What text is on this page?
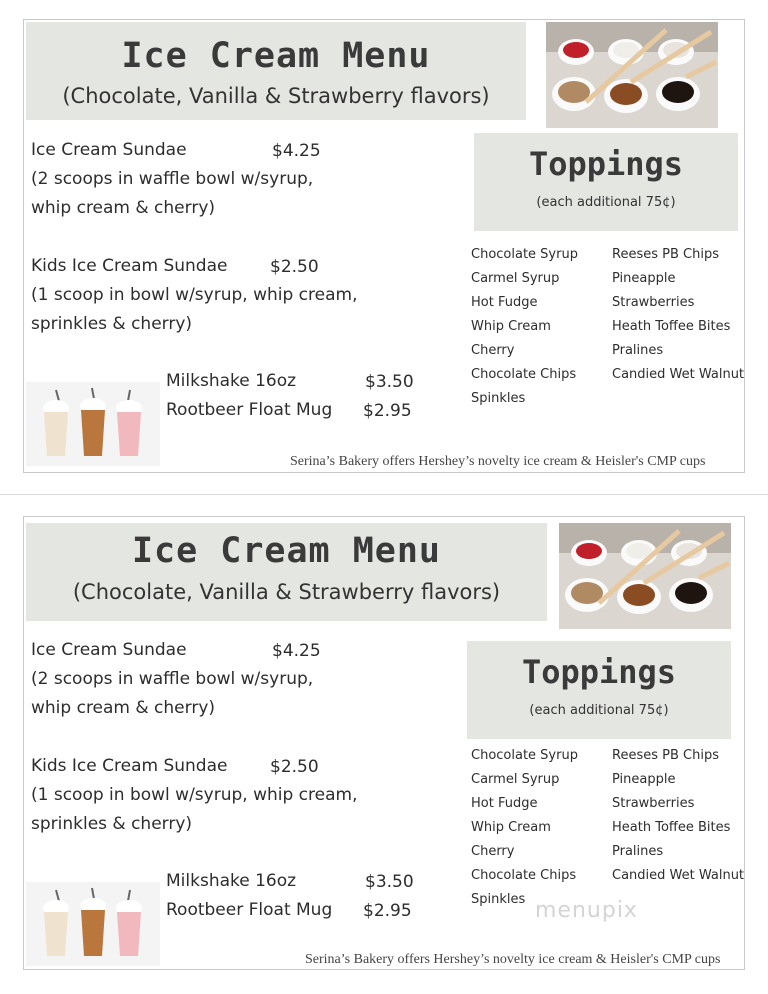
Ice Cream Menu
(Chocolate, Vanilla & Strawberry flavors)
Ice Cream Sundae	$4.25
(2 scoops in waffle bowl w/syrup,
whip cream & cherry)
Kids Ice Cream Sundae	$2.50
(1 scoop in bowl w/syrup, whip cream,
sprinkles & cherry)
Milkshake 16oz	$3.50
Rootbeer Float Mug $2.95
Toppings
(each additional 75¢)
Chocolate Syrup
Carmel Syrup
Hot Fudge
Whip Cream
Cherry
Chocolate Chips
Spinkles
Reeses PB Chips
Pineapple
Strawberries
Heath Toffee Bites
Pralines
Candied Wet Walnut
Serina’s Bakery offers Hershey’s novelty ice cream & Heisler's CMP cups
Ice Cream Menu
(Chocolate, Vanilla & Strawberry flavors)
Ice Cream Sundae	$4.25
(2 scoops in waffle bowl w/syrup,
whip cream & cherry)
Kids Ice Cream Sundae	$2.50
(1 scoop in bowl w/syrup, whip cream,
sprinkles & cherry)
Milkshake 16oz	$3.50
Rootbeer Float Mug $2.95
Toppings
(each additional 75¢)
Chocolate Syrup
Carmel Syrup
Hot Fudge
Whip Cream
Cherry
Chocolate Chips
Spinkles
Reeses PB Chips
Pineapple
Strawberries
Heath Toffee Bites
Pralines
Candied Wet Walnut
Serina’s Bakery offers Hershey’s novelty ice cream & Heisler's CMP cups
menupix
